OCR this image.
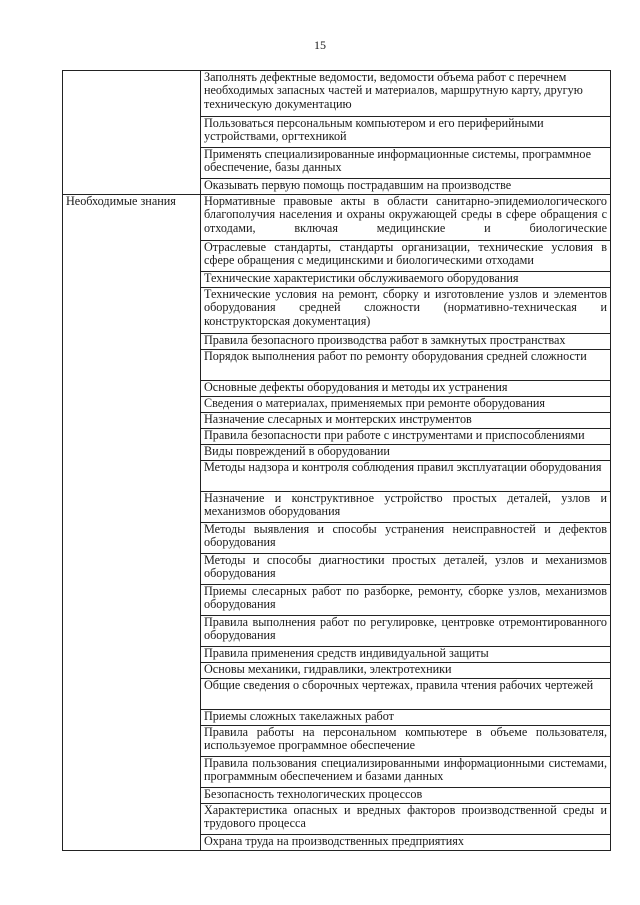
15
	Заполнять дефектные ведомости, ведомости объема работ с перечнем необходимых запасных частей и материалов, маршрутную карту, другую техническую документацию
	Пользоваться персональным компьютером и его периферийными устройствами, оргтехникой
	Применять специализированные информационные системы, программное обеспечение, базы данных
	Оказывать первую помощь пострадавшим на производстве
Необходимые знания	Нормативные правовые акты в области санитарно-эпидемиологического благополучия населения и охраны окружающей среды в сфере обращения с отходами, включая медицинские и биологические
	Отраслевые стандарты, стандарты организации, технические условия в сфере обращения с медицинскими и биологическими отходами
	Технические характеристики обслуживаемого оборудования
	Технические условия на ремонт, сборку и изготовление узлов и элементов оборудования средней сложности (нормативно-техническая и конструкторская документация)
	Правила безопасного производства работ в замкнутых пространствах
	Порядок выполнения работ по ремонту оборудования средней сложности
	Основные дефекты оборудования и методы их устранения
	Сведения о материалах, применяемых при ремонте оборудования
	Назначение слесарных и монтерских инструментов
	Правила безопасности при работе с инструментами и приспособлениями
	Виды повреждений в оборудовании
	Методы надзора и контроля соблюдения правил эксплуатации оборудования
	Назначение и конструктивное устройство простых деталей, узлов и механизмов оборудования
	Методы выявления и способы устранения неисправностей и дефектов оборудования
	Методы и способы диагностики простых деталей, узлов и механизмов оборудования
	Приемы слесарных работ по разборке, ремонту, сборке узлов, механизмов оборудования
	Правила выполнения работ по регулировке, центровке отремонтированного оборудования
	Правила применения средств индивидуальной защиты
	Основы механики, гидравлики, электротехники
	Общие сведения о сборочных чертежах, правила чтения рабочих чертежей
	Приемы сложных такелажных работ
	Правила работы на персональном компьютере в объеме пользователя, используемое программное обеспечение
	Правила пользования специализированными информационными системами, программным обеспечением и базами данных
	Безопасность технологических процессов
	Характеристика опасных и вредных факторов производственной среды и трудового процесса
	Охрана труда на производственных предприятиях
